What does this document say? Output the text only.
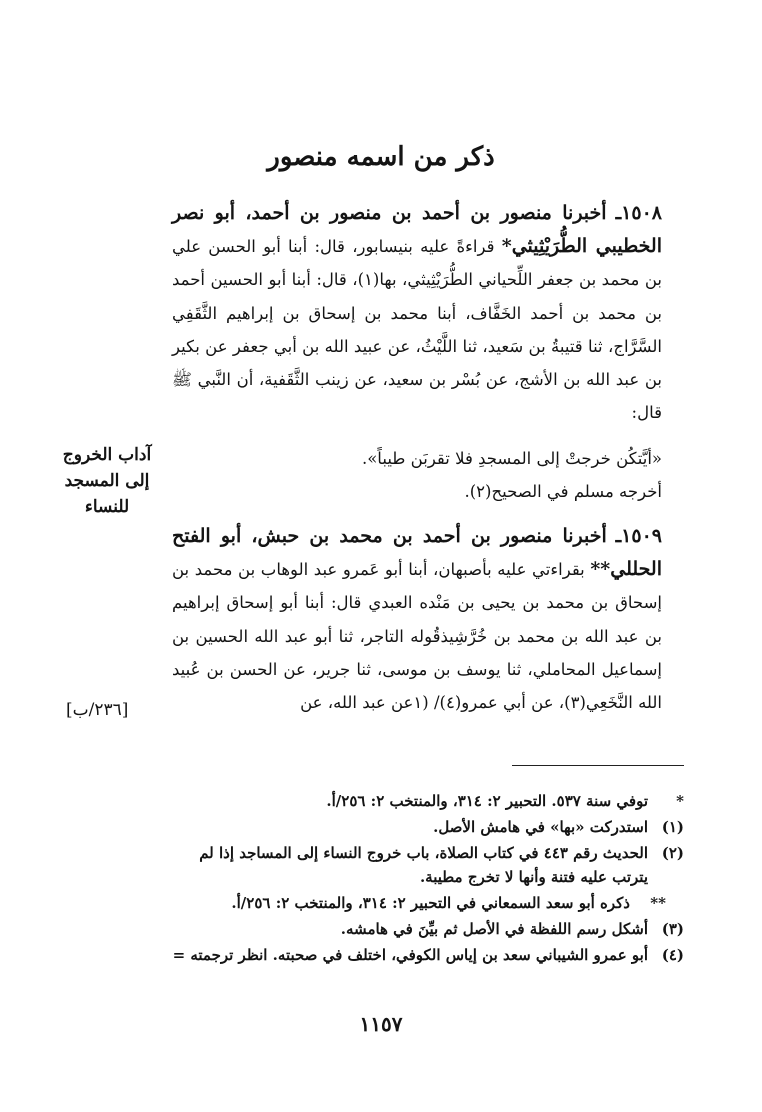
ذكر من اسمه منصور

١٥٠٨ـ أخبرنا منصور بن أحمد بن منصور بن أحمد، أبو نصر الخطيبي الطُّرَيْثِيثي* قراءةً عليه بنيسابور، قال: أبنا أبو الحسن علي بن محمد بن جعفر اللِّحياني الطُّرَيْثِيثي، بها(١)، قال: أبنا أبو الحسين أحمد بن محمد بن أحمد الخَفَّاف، أبنا محمد بن إسحاق بن إبراهيم الثَّقَفِي السَّرَّاج، ثنا قتيبةُ بن سَعيد، ثنا اللَّيْثُ، عن عبيد الله بن أبي جعفر عن بكير بن عبد الله بن الأشج، عن بُسْر بن سعيد، عن زينب الثَّقَفية، أن النَّبي ﷺ قال:

«أيَّتكُن خرجتْ إلى المسجدِ فلا تقربَن طيباً».

أخرجه مسلم في الصحيح(٢).

آداب الخروج إلى المسجد للنساء

١٥٠٩ـ أخبرنا منصور بن أحمد بن محمد بن حبش، أبو الفتح الحللي** بقراءتي عليه بأصبهان، أبنا أبو عَمرو عبد الوهاب بن محمد بن إسحاق بن محمد بن يحيى بن مَنْده العبدي قال: أبنا أبو إسحاق إبراهيم بن عبد الله بن محمد بن خُرَّشِيذقُوله التاجر، ثنا أبو عبد الله الحسين بن إسماعيل المحاملي، ثنا يوسف بن موسى، ثنا جرير، عن الحسن بن عُبيد الله النَّخَعِي(٣)، عن أبي عمرو(٤)/ (١عن عبد الله، عن

[٢٣٦/ب]
*
توفي سنة ٥٣٧. التحبير ٢: ٣١٤، والمنتخب ٢: ٢٥٦/أ.
(١)
استدركت «بها» في هامش الأصل.
(٢)
الحديث رقم ٤٤٣ في كتاب الصلاة، باب خروج النساء إلى المساجد إذا لم يترتب عليه فتنة وأنها لا تخرج مطيبة.
**
ذكره أبو سعد السمعاني في التحبير ٢: ٣١٤، والمنتخب ٢: ٢٥٦/أ.
(٣)
أشكل رسم اللفظة في الأصل ثم بيِّنَ في هامشه.
(٤)
أبو عمرو الشيباني سعد بن إياس الكوفي، اختلف في صحبته. انظر ترجمته =
١١٥٧
